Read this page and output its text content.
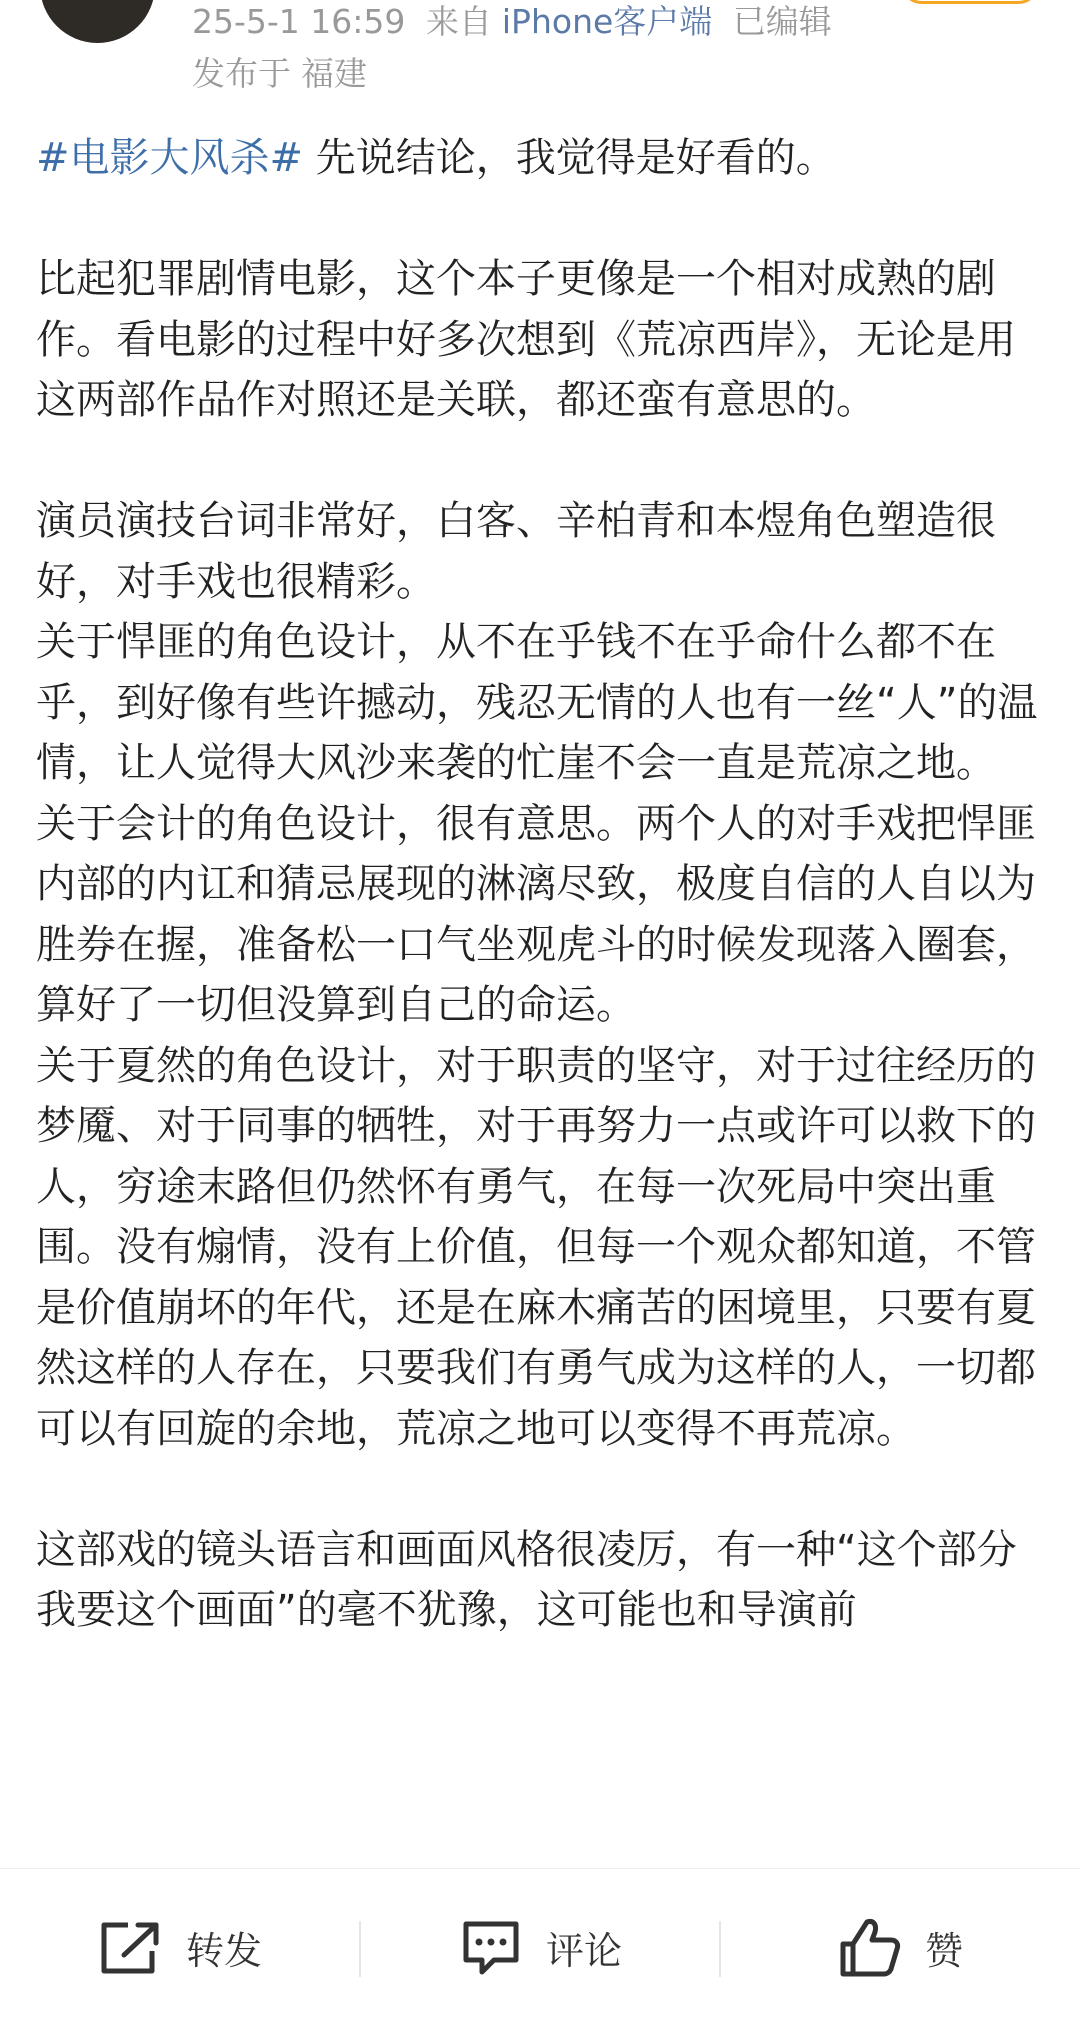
25-5-1 16:59 来自 iPhone客户端 已编辑
发布于 福建

#电影大风杀# 先说结论，我觉得是好看的。

比起犯罪剧情电影，这个本子更像是一个相对成熟的剧作。看电影的过程中好多次想到《荒凉西岸》，无论是用这两部作品作对照还是关联，都还蛮有意思的。

演员演技台词非常好，白客、辛柏青和本煜角色塑造很好，对手戏也很精彩。

关于悍匪的角色设计，从不在乎钱不在乎命什么都不在乎，到好像有些许撼动，残忍无情的人也有一丝“人”的温情，让人觉得大风沙来袭的忙崖不会一直是荒凉之地。

关于会计的角色设计，很有意思。两个人的对手戏把悍匪内部的内讧和猜忌展现的淋漓尽致，极度自信的人自以为胜券在握，准备松一口气坐观虎斗的时候发现落入圈套，算好了一切但没算到自己的命运。

关于夏然的角色设计，对于职责的坚守，对于过往经历的梦魇、对于同事的牺牲，对于再努力一点或许可以救下的人，穷途末路但仍然怀有勇气，在每一次死局中突出重围。没有煽情，没有上价值，但每一个观众都知道，不管是价值崩坏的年代，还是在麻木痛苦的困境里，只要有夏然这样的人存在，只要我们有勇气成为这样的人，一切都可以有回旋的余地，荒凉之地可以变得不再荒凉。

这部戏的镜头语言和画面风格很凌厉，有一种“这个部分我要这个画面”的毫不犹豫，这可能也和导演前

转发	评论	赞
